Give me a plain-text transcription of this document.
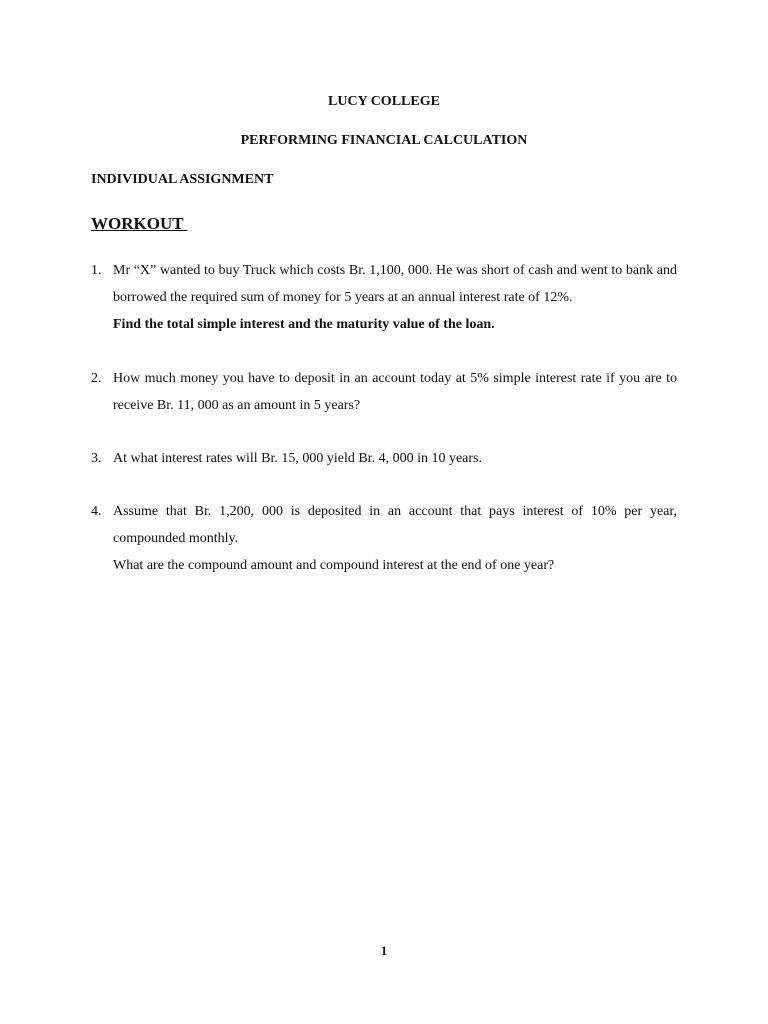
LUCY COLLEGE
PERFORMING FINANCIAL CALCULATION
INDIVIDUAL ASSIGNMENT
WORKOUT
1. Mr “X” wanted to buy Truck which costs Br. 1,100, 000. He was short of cash and went to bank and borrowed the required sum of money for 5 years at an annual interest rate of 12%.

Find the total simple interest and the maturity value of the loan.

2. How much money you have to deposit in an account today at 5% simple interest rate if you are to receive Br. 11, 000 as an amount in 5 years?

3. At what interest rates will Br. 15, 000 yield Br. 4, 000 in 10 years.

4. Assume that Br. 1,200, 000 is deposited in an account that pays interest of 10% per year, compounded monthly.

What are the compound amount and compound interest at the end of one year?

1
